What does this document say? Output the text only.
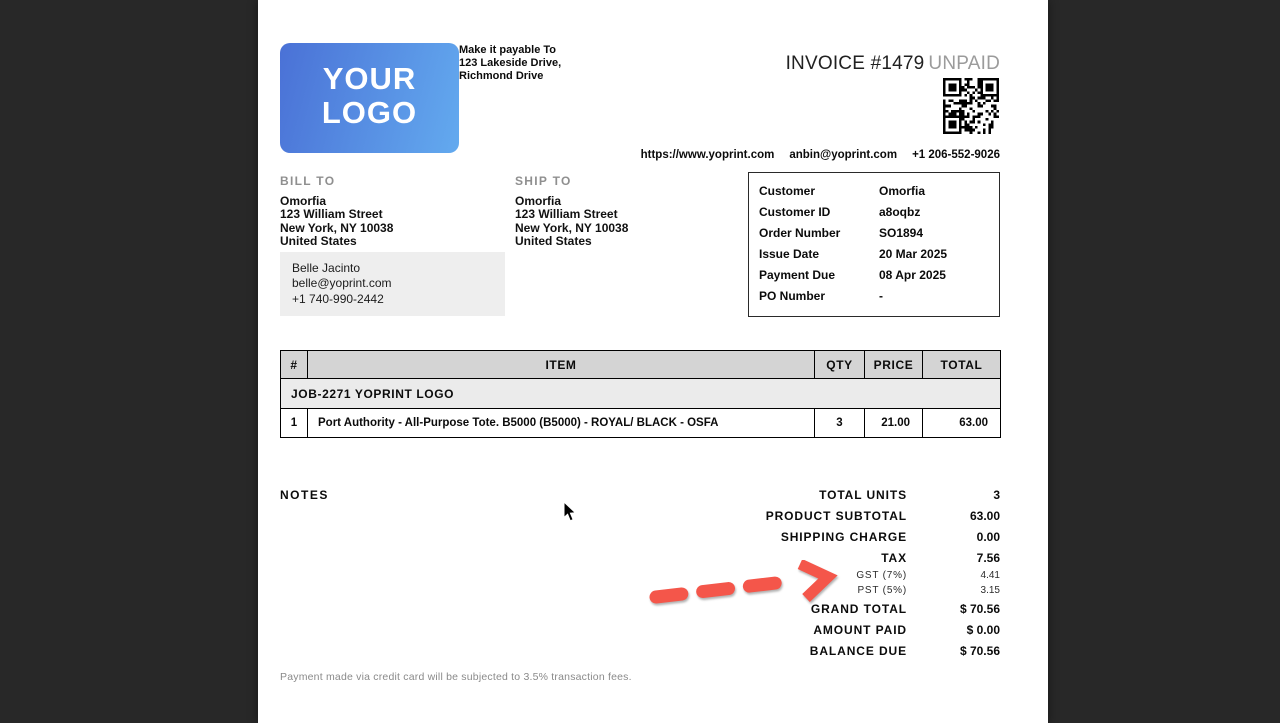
YOUR
LOGO
Make it payable To
123 Lakeside Drive,
Richmond Drive
INVOICE #1479 UNPAID
https://www.yoprint.com anbin@yoprint.com +1 206-552-9026
BILL TO
Omorfia
123 William Street
New York, NY 10038
United States
Belle Jacinto
belle@yoprint.com
+1 740-990-2442
SHIP TO
Omorfia
123 William Street
New York, NY 10038
United States
Customer	Omorfia
Customer ID	a8oqbz
Order Number	SO1894
Issue Date	20 Mar 2025
Payment Due	08 Apr 2025
PO Number	-
#	ITEM	QTY	PRICE	TOTAL
JOB-2271 YOPRINT LOGO				
1	Port Authority - All-Purpose Tote. B5000 (B5000) - ROYAL/ BLACK - OSFA	3	21.00	63.00
NOTES	TOTAL UNITS	3
PRODUCT SUBTOTAL	63.00
SHIPPING CHARGE	0.00
TAX	7.56
GST (7%)	4.41
PST (5%)	3.15
GRAND TOTAL	$ 70.56
AMOUNT PAID	$ 0.00
BALANCE DUE	$ 70.56
Payment made via credit card will be subjected to 3.5% transaction fees.
